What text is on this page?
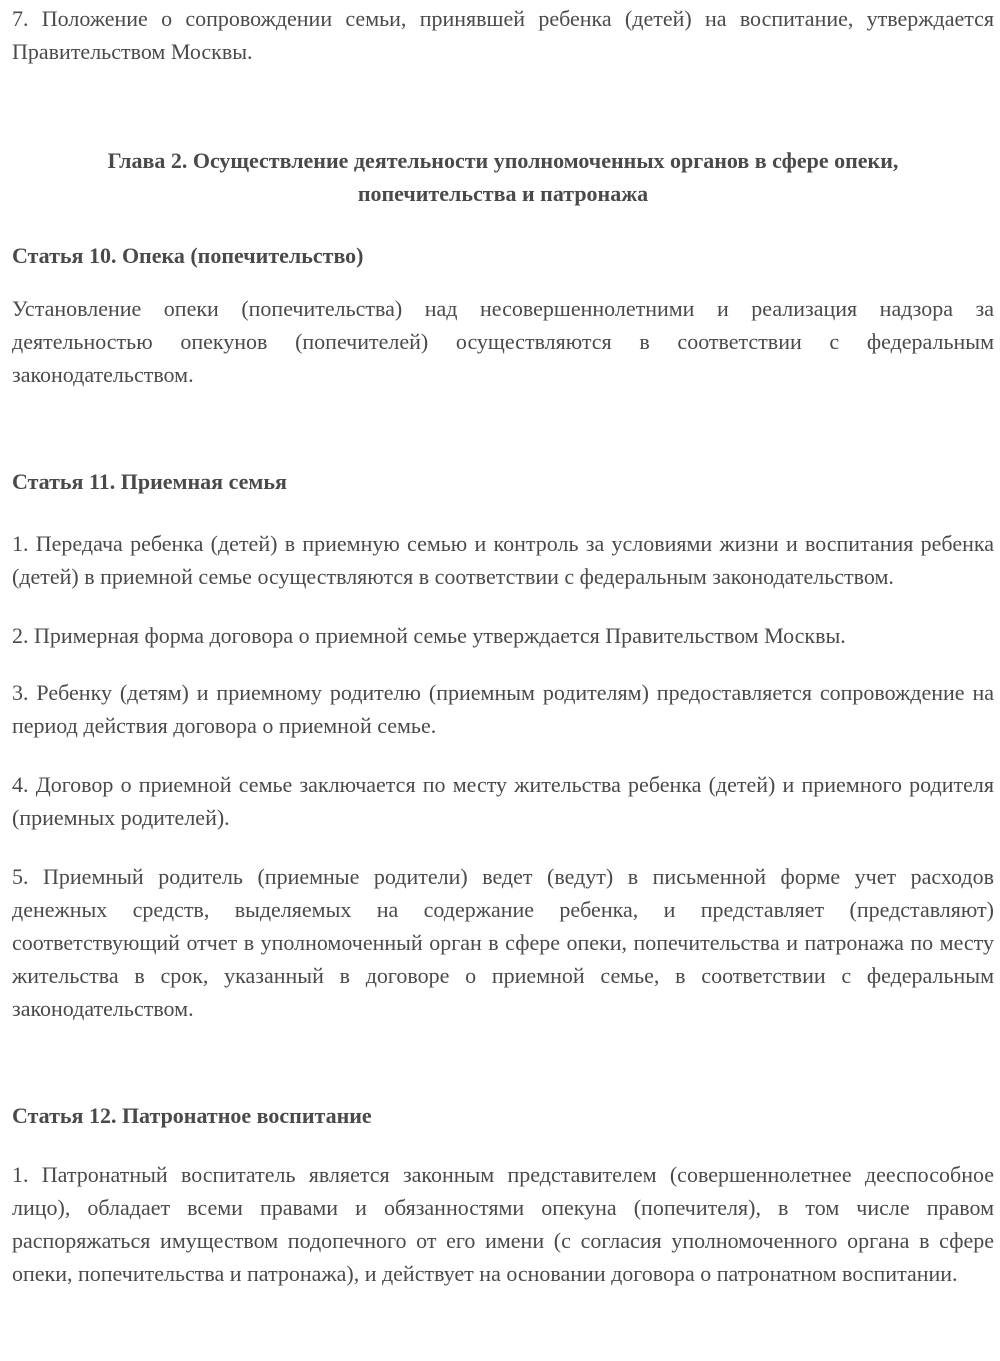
7. Положение о сопровождении семьи, принявшей ребенка (детей) на воспитание, утверждается Правительством Москвы.

Глава 2. Осуществление деятельности уполномоченных органов в сфере опеки, попечительства и патронажа

Статья 10. Опека (попечительство)

Установление опеки (попечительства) над несовершеннолетними и реализация надзора за деятельностью опекунов (попечителей) осуществляются в соответствии с федеральным законодательством.

Статья 11. Приемная семья

1. Передача ребенка (детей) в приемную семью и контроль за условиями жизни и воспитания ребенка (детей) в приемной семье осуществляются в соответствии с федеральным законодательством.

2. Примерная форма договора о приемной семье утверждается Правительством Москвы.

3. Ребенку (детям) и приемному родителю (приемным родителям) предоставляется сопровождение на период действия договора о приемной семье.

4. Договор о приемной семье заключается по месту жительства ребенка (детей) и приемного родителя (приемных родителей).

5. Приемный родитель (приемные родители) ведет (ведут) в письменной форме учет расходов денежных средств, выделяемых на содержание ребенка, и представляет (представляют) соответствующий отчет в уполномоченный орган в сфере опеки, попечительства и патронажа по месту жительства в срок, указанный в договоре о приемной семье, в соответствии с федеральным законодательством.

Статья 12. Патронатное воспитание

1. Патронатный воспитатель является законным представителем (совершеннолетнее дееспособное лицо), обладает всеми правами и обязанностями опекуна (попечителя), в том числе правом распоряжаться имуществом подопечного от его имени (с согласия уполномоченного органа в сфере опеки, попечительства и патронажа), и действует на основании договора о патронатном воспитании.
